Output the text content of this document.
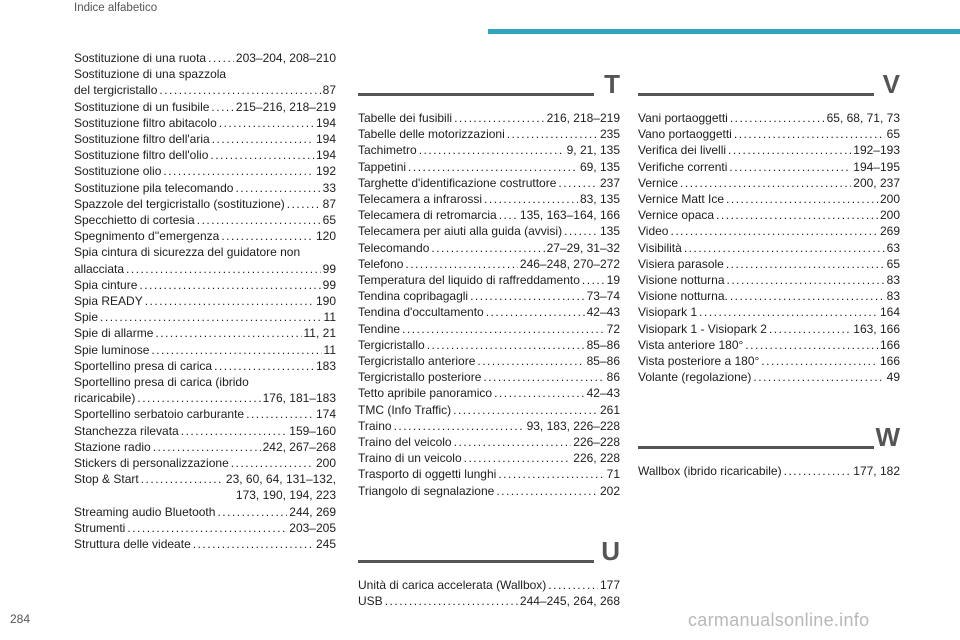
Indice alfabetico
Sostituzione di una ruota ..... 203–204, 208–210
Sostituzione di una spazzola
del tergicristallo .....	87
Sostituzione di un fusibile ..... 215–216, 218–219
Sostituzione filtro abitacolo .....	194
Sostituzione filtro dell'aria .....	194
Sostituzione filtro dell'olio .....	194
Sostituzione olio .....	192
Sostituzione pila telecomando .....	33
Spazzole del tergicristallo (sostituzione) .....	87
Specchietto di cortesia .....	65
Spegnimento d''emergenza .....	120
Spia cintura di sicurezza del guidatore non
allacciata .....	99
Spia cinture .....	99
Spia READY .....	190
Spie .....	11
Spie di allarme .....	11, 21
Spie luminose .....	11
Sportellino presa di carica .....	183
Sportellino presa di carica (ibrido
ricaricabile) .....	176, 181–183
Sportellino serbatoio carburante .....	174
Stanchezza rilevata .....	159–160
Stazione radio .....	242, 267–268
Stickers di personalizzazione .....	200
Stop & Start .....	23, 60, 64, 131–132,
173, 190, 194, 223
Streaming audio Bluetooth .....	244, 269
Strumenti .....	203–205
Struttura delle videate .....	245
T
Tabelle dei fusibili .....	216, 218–219
Tabelle delle motorizzazioni .....	235
Tachimetro .....	9, 21, 135
Tappetini .....	69, 135
Targhette d'identificazione costruttore .....	237
Telecamera a infrarossi .....	83, 135
Telecamera di retromarcia ..... 135, 163–164, 166
Telecamera per aiuti alla guida (avvisi) .....	135
Telecomando .....	27–29, 31–32
Telefono .....	246–248, 270–272
Temperatura del liquido di raffreddamento ..... 19
Tendina copribagagli .....	73–74
Tendina d'occultamento .....	42–43
Tendine .....	72
Tergicristallo .....	85–86
Tergicristallo anteriore .....	85–86
Tergicristallo posteriore .....	86
Tetto apribile panoramico .....	42–43
TMC (Info Traffic) .....	261
Traino .....	93, 183, 226–228
Traino del veicolo .....	226–228
Traino di un veicolo .....	226, 228
Trasporto di oggetti lunghi .....	71
Triangolo di segnalazione .....	202
U
Unità di carica accelerata (Wallbox) .....	177
USB .....	244–245, 264, 268
V
Vani portaoggetti .....	65, 68, 71, 73
Vano portaoggetti .....	65
Verifica dei livelli .....	192–193
Verifiche correnti .....	194–195
Vernice .....	200, 237
Vernice Matt Ice .....	200
Vernice opaca .....	200
Video .....	269
Visibilità .....	63
Visiera parasole .....	65
Visione notturna .....	83
Visione notturna. .....	83
Visiopark 1 .....	164
Visiopark 1 - Visiopark 2 .....	163, 166
Vista anteriore 180° .....	166
Vista posteriore a 180° .....	166
Volante (regolazione) .....	49
W
Wallbox (ibrido ricaricabile) .....	177, 182
284	carmanualsonline.info
